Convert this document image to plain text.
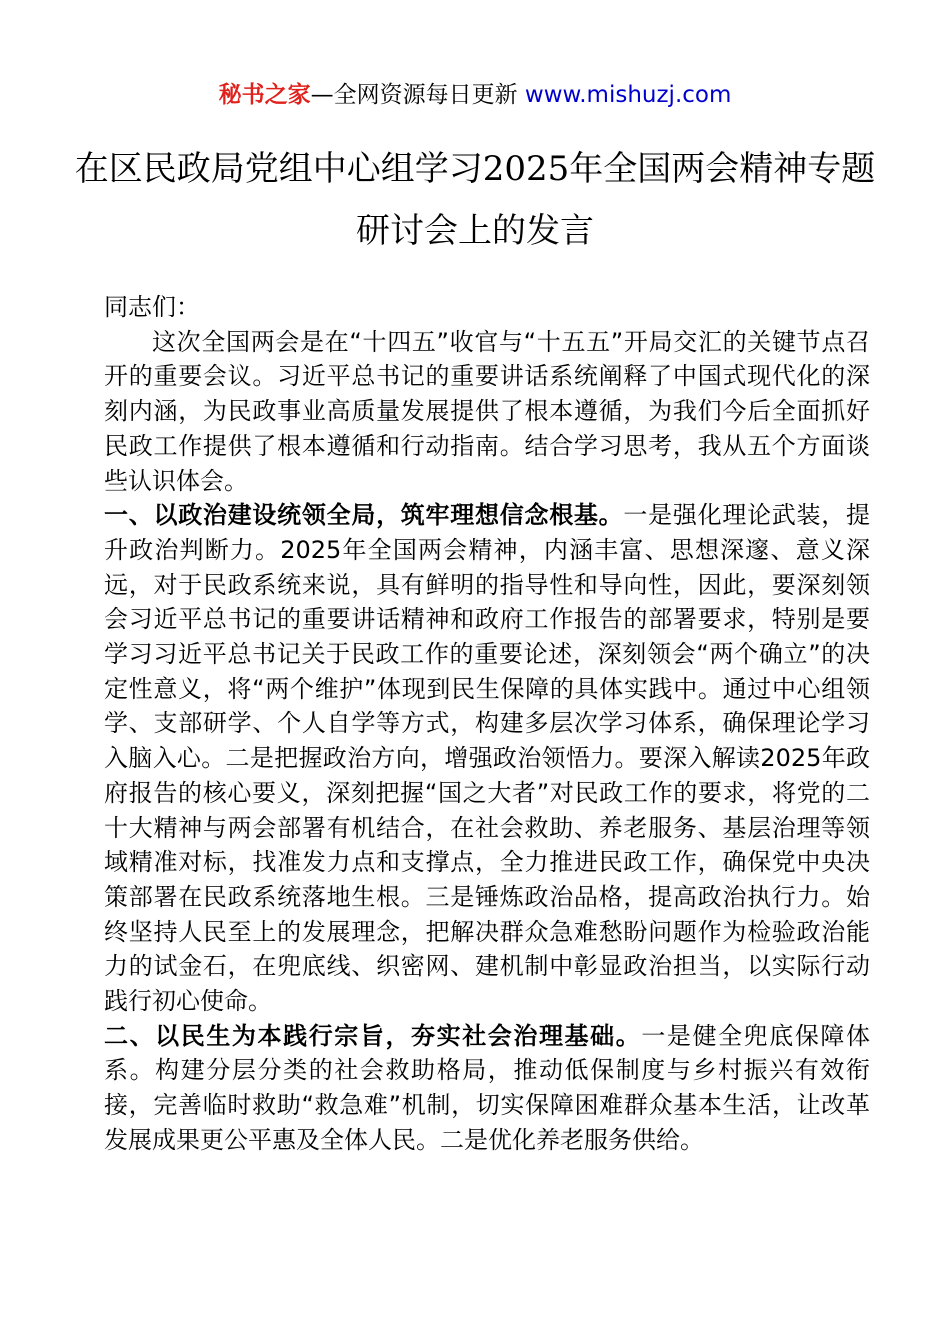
秘书之家—全网资源每日更新 www.mishuzj.com
在区民政局党组中心组学习2025年全国两会精神专题研讨会上的发言

同志们：

这次全国两会是在“十四五”收官与“十五五”开局交汇的关键节点召开的重要会议。习近平总书记的重要讲话系统阐释了中国式现代化的深刻内涵，为民政事业高质量发展提供了根本遵循，为我们今后全面抓好民政工作提供了根本遵循和行动指南。结合学习思考，我从五个方面谈些认识体会。

一、以政治建设统领全局，筑牢理想信念根基。一是强化理论武装，提升政治判断力。2025年全国两会精神，内涵丰富、思想深邃、意义深远，对于民政系统来说，具有鲜明的指导性和导向性，因此，要深刻领会习近平总书记的重要讲话精神和政府工作报告的部署要求，特别是要学习习近平总书记关于民政工作的重要论述，深刻领会“两个确立”的决定性意义，将“两个维护”体现到民生保障的具体实践中。通过中心组领学、支部研学、个人自学等方式，构建多层次学习体系，确保理论学习入脑入心。二是把握政治方向，增强政治领悟力。要深入解读2025年政府报告的核心要义，深刻把握“国之大者”对民政工作的要求，将党的二十大精神与两会部署有机结合，在社会救助、养老服务、基层治理等领域精准对标，找准发力点和支撑点，全力推进民政工作，确保党中央决策部署在民政系统落地生根。三是锤炼政治品格，提高政治执行力。始终坚持人民至上的发展理念，把解决群众急难愁盼问题作为检验政治能力的试金石，在兜底线、织密网、建机制中彰显政治担当，以实际行动践行初心使命。

二、以民生为本践行宗旨，夯实社会治理基础。一是健全兜底保障体系。构建分层分类的社会救助格局，推动低保制度与乡村振兴有效衔接，完善临时救助“救急难”机制，切实保障困难群众基本生活，让改革发展成果更公平惠及全体人民。二是优化养老服务供给。
